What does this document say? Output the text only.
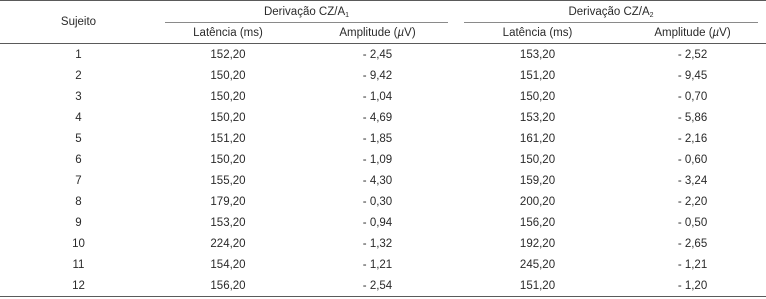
Sujeito	Derivação $CZ/A_1$		Derivação $CZ/A_2$

	Latência (ms)	Amplitude (µV)	Latência (ms)	Amplitude (µV)
1	152,20	- 2,45	153,20	- 2,52
2	150,20	- 9,42	151,20	- 9,45
3	150,20	- 1,04	150,20	- 0,70
4	150,20	- 4,69	153,20	- 5,86
5	151,20	- 1,85	161,20	- 2,16
6	150,20	- 1,09	150,20	- 0,60
7	155,20	- 4,30	159,20	- 3,24
8	179,20	- 0,30	200,20	- 2,20
9	153,20	- 0,94	156,20	- 0,50
10	224,20	- 1,32	192,20	- 2,65
11	154,20	- 1,21	245,20	- 1,21
12	156,20	- 2,54	151,20	- 1,20
